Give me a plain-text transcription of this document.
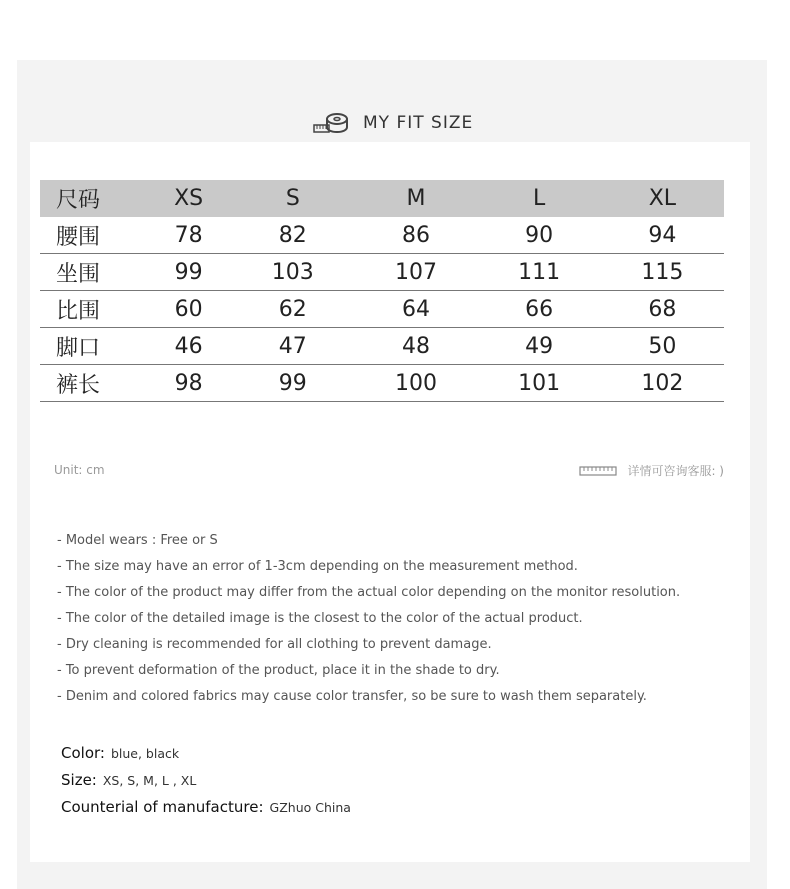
MY FIT SIZE
尺码	XS	S	M	L	XL
腰围	78	82	86	90	94
坐围	99	103	107	111	115
比围	60	62	64	66	68
脚口	46	47	48	49	50
裤长	98	99	100	101	102
Unit: cm	详情可咨询客服: )
- Model wears : Free or S
- The size may have an error of 1-3cm depending on the measurement method.
- The color of the product may differ from the actual color depending on the monitor resolution.
- The color of the detailed image is the closest to the color of the actual product.
- Dry cleaning is recommended for all clothing to prevent damage.
- To prevent deformation of the product, place it in the shade to dry.
- Denim and colored fabrics may cause color transfer, so be sure to wash them separately.
Color: blue, black
Size: XS, S, M, L , XL
Counterial of manufacture: GZhuo China
